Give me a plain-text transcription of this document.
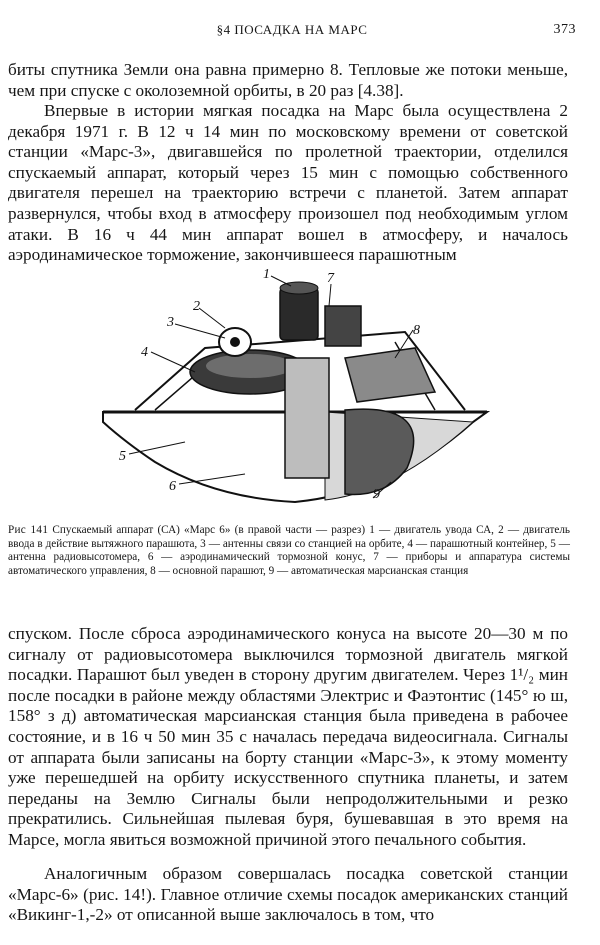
§4 ПОСАДКА НА МАРС	373

биты спутника Земли она равна примерно 8. Тепловые же потоки меньше, чем при спуске с околоземной орбиты, в 20 раз [4.38].

Впервые в истории мягкая посадка на Марс была осуществлена 2 декабря 1971 г. В 12 ч 14 мин по московскому времени от советской станции «Марс-3», двигавшейся по пролетной траектории, отделился спускаемый аппарат, который через 15 мин с помощью собственного двигателя перешел на траекторию встречи с планетой. Затем аппарат развернулся, чтобы вход в атмосферу произошел под необходимым углом атаки. В 16 ч 44 мин аппарат вошел в атмосферу, и началось аэродинамическое торможение, закончившееся парашютным

1
2
3
4
5
6
7
8
9
Рис 141 Спускаемый аппарат (СА) «Марс 6» (в правой части — разрез) 1 — двигатель увода СА, 2 — двигатель ввода в действие вытяжного парашюта, 3 — антенны связи со станцией на орбите, 4 — парашютный контейнер, 5 — антенна радиовысотомера, 6 — аэродинамический тормозной конус, 7 — приборы и аппаратура системы автоматического управления, 8 — основной парашют, 9 — автоматическая марсианская станция

спуском. После сброса аэродинамического конуса на высоте 20—30 м по сигналу от радиовысотомера выключился тормозной двигатель мягкой посадки. Парашют был уведен в сторону другим двигателем. Через 1¹/₂ мин после посадки в районе между областями Электрис и Фаэтонтис (145° ю ш, 158° з д) автоматическая марсианская станция была приведена в рабочее состояние, и в 16 ч 50 мин 35 с началась передача видеосигнала. Сигналы от аппарата были записаны на борту станции «Марс-3», к этому моменту уже перешедшей на орбиту искусственного спутника планеты, и затем переданы на Землю Сигналы были непродолжительными и резко прекратились. Сильнейшая пылевая буря, бушевавшая в это время на Марсе, могла явиться возможной причиной этого печального события.

Аналогичным образом совершалась посадка советской станции «Марс-6» (рис. 14!). Главное отличие схемы посадок американских станций «Викинг-1,-2» от описанной выше заключалось в том, что
